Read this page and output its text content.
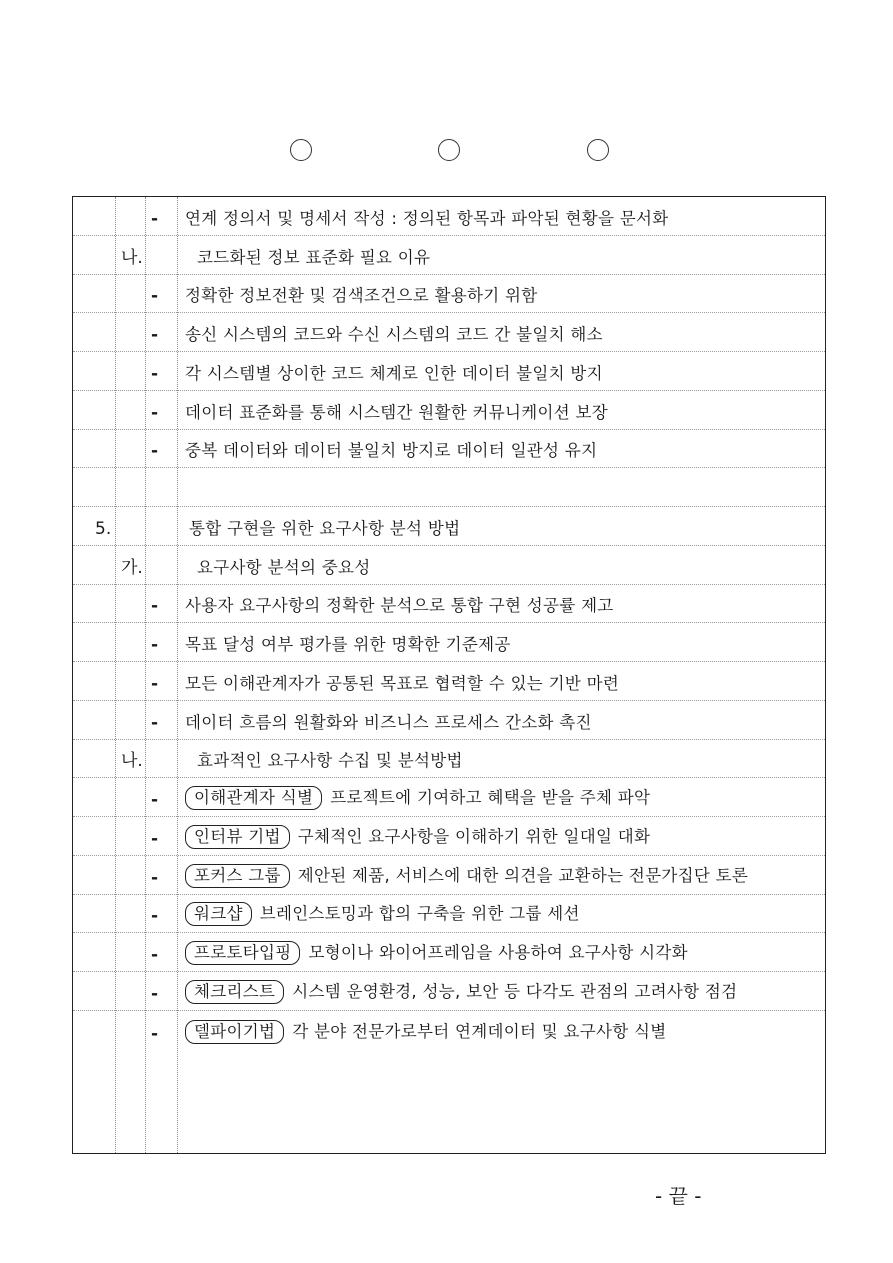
- 연계 정의서 및 명세서 작성 : 정의된 항목과 파악된 현황을 문서화
나.	코드화된 정보 표준화 필요 이유
- 정확한 정보전환 및 검색조건으로 활용하기 위함
- 송신 시스템의 코드와 수신 시스템의 코드 간 불일치 해소
- 각 시스템별 상이한 코드 체계로 인한 데이터 불일치 방지
- 데이터 표준화를 통해 시스템간 원활한 커뮤니케이션 보장
- 중복 데이터와 데이터 불일치 방지로 데이터 일관성 유지
5.	통합 구현을 위한 요구사항 분석 방법
가.	요구사항 분석의 중요성
- 사용자 요구사항의 정확한 분석으로 통합 구현 성공률 제고
- 목표 달성 여부 평가를 위한 명확한 기준제공
- 모든 이해관계자가 공통된 목표로 협력할 수 있는 기반 마련
- 데이터 흐름의 원활화와 비즈니스 프로세스 간소화 촉진
나.	효과적인 요구사항 수집 및 분석방법
-	이해관계자 식별 프로젝트에 기여하고 혜택을 받을 주체 파악
-	인터뷰 기법 구체적인 요구사항을 이해하기 위한 일대일 대화
-	포커스 그룹 제안된 제품, 서비스에 대한 의견을 교환하는 전문가집단 토론
-	워크샵 브레인스토밍과 합의 구축을 위한 그룹 세션
-	프로토타입핑 모형이나 와이어프레임을 사용하여 요구사항 시각화
-	체크리스트 시스템 운영환경, 성능, 보안 등 다각도 관점의 고려사항 점검
-	델파이기법 각 분야 전문가로부터 연계데이터 및 요구사항 식별
- 끝 -
